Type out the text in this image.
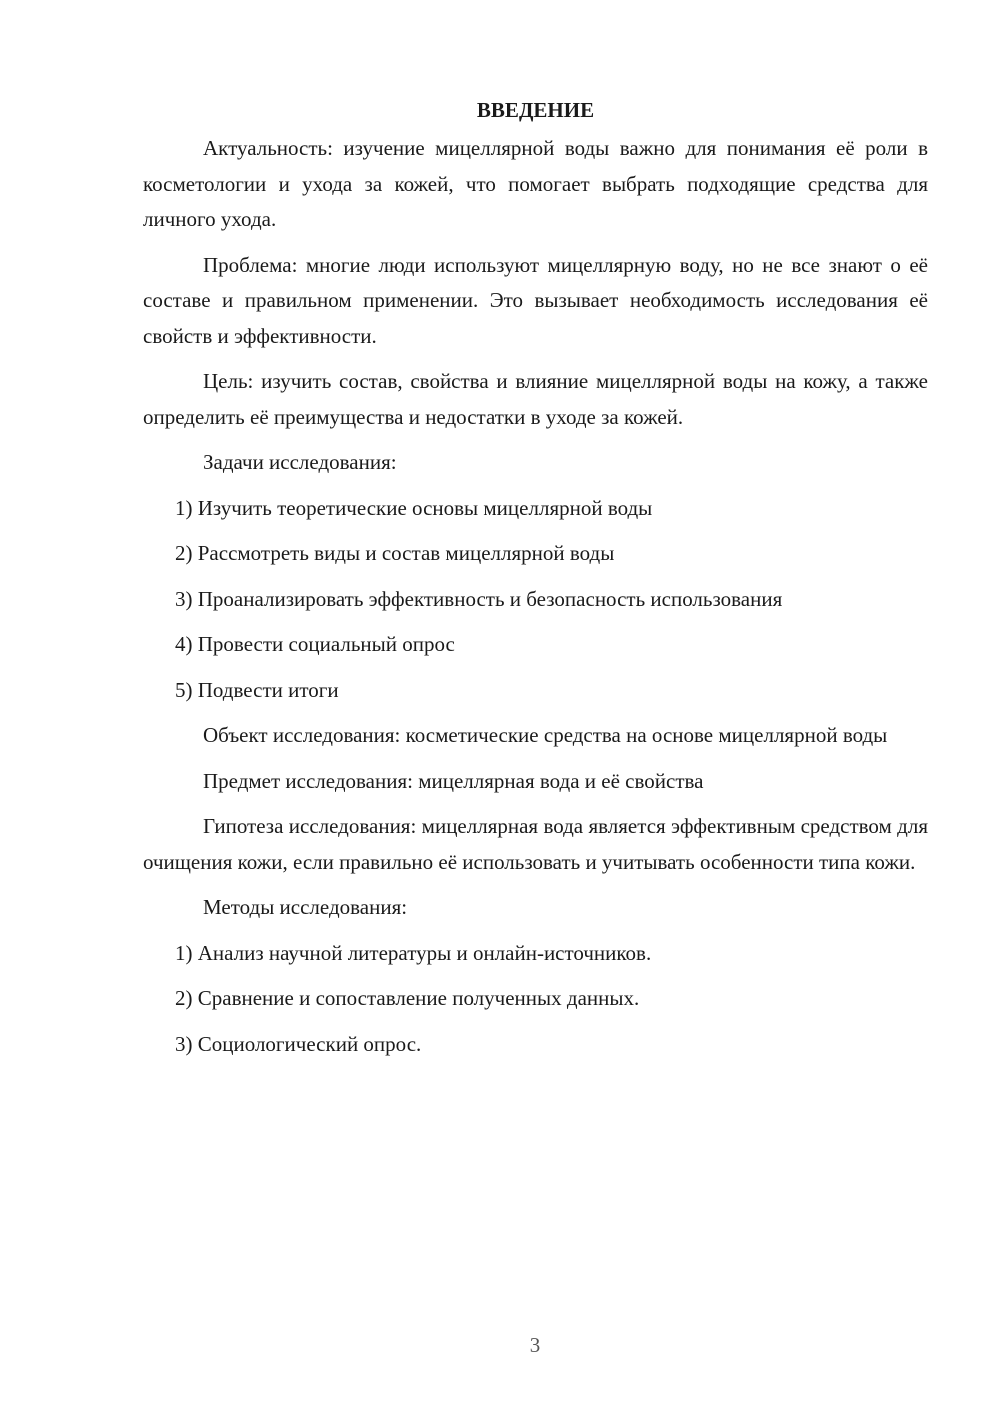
ВВЕДЕНИЕ

Актуальность: изучение мицеллярной воды важно для понимания её роли в косметологии и ухода за кожей, что помогает выбрать подходящие средства для личного ухода.

Проблема: многие люди используют мицеллярную воду, но не все знают о её составе и правильном применении. Это вызывает необходимость исследования её свойств и эффективности.

Цель: изучить состав, свойства и влияние мицеллярной воды на кожу, а также определить её преимущества и недостатки в уходе за кожей.

Задачи исследования:

1) Изучить теоретические основы мицеллярной воды
2) Рассмотреть виды и состав мицеллярной воды
3) Проанализировать эффективность и безопасность использования
4) Провести социальный опрос
5) Подвести итоги

Объект исследования: косметические средства на основе мицеллярной воды

Предмет исследования: мицеллярная вода и её свойства

Гипотеза исследования: мицеллярная вода является эффективным средством для очищения кожи, если правильно её использовать и учитывать особенности типа кожи.

Методы исследования:

1) Анализ научной литературы и онлайн-источников.
2) Сравнение и сопоставление полученных данных.
3) Социологический опрос.
3
